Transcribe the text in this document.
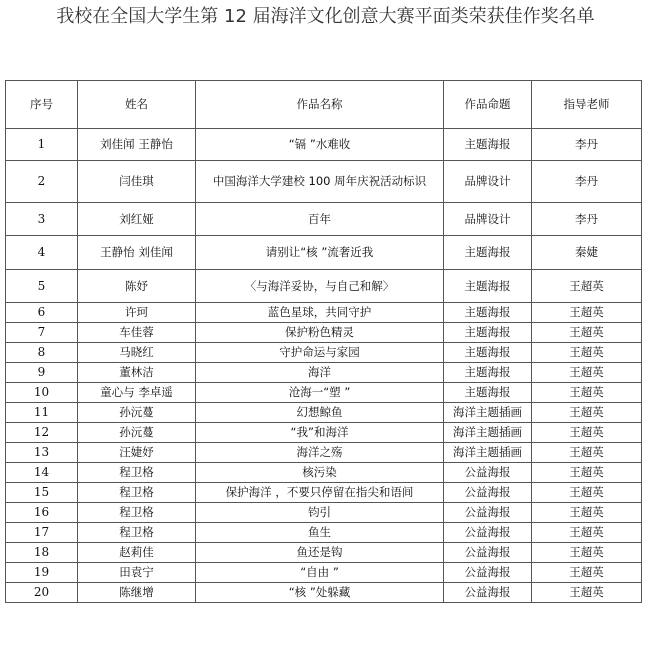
我校在全国大学生第 12 届海洋文化创意大赛平面类荣获佳作奖名单
序号	姓名	作品名称	作品命题	指导老师
1	刘佳闻 王静怡	“镉 ”水难收	主题海报	李丹
2	闫佳琪	中国海洋大学建校 100 周年庆祝活动标识	品牌设计	李丹
3	刘红娅	百年	品牌设计	李丹
4	王静怡 刘佳闻	请别让“核 ”流奢近我	主题海报	秦婕
5	陈妤	〈与海洋妥协，与自己和解〉	主题海报	王超英
6	许珂	蓝色星球，共同守护	主题海报	王超英
7	车佳蓉	保护粉色精灵	主题海报	王超英
8	马晓红	守护命运与家园	主题海报	王超英
9	董林洁	海洋	主题海报	王超英
10	童心与 李卓遥	沧海一“塑 ”	主题海报	王超英
11	孙沅蔓	幻想鲸鱼	海洋主题插画	王超英
12	孙沅蔓	“我”和海洋	海洋主题插画	王超英
13	汪婕妤	海洋之殇	海洋主题插画	王超英
14	程卫格	核污染	公益海报	王超英
15	程卫格	保护海洋 ，不要只停留在指尖和语间	公益海报	王超英
16	程卫格	钧引	公益海报	王超英
17	程卫格	鱼生	公益海报	王超英
18	赵莉佳	鱼还是钩	公益海报	王超英
19	田袁宁	“自由 ”	公益海报	王超英
20	陈继增	“核 ”处躲藏	公益海报	王超英
